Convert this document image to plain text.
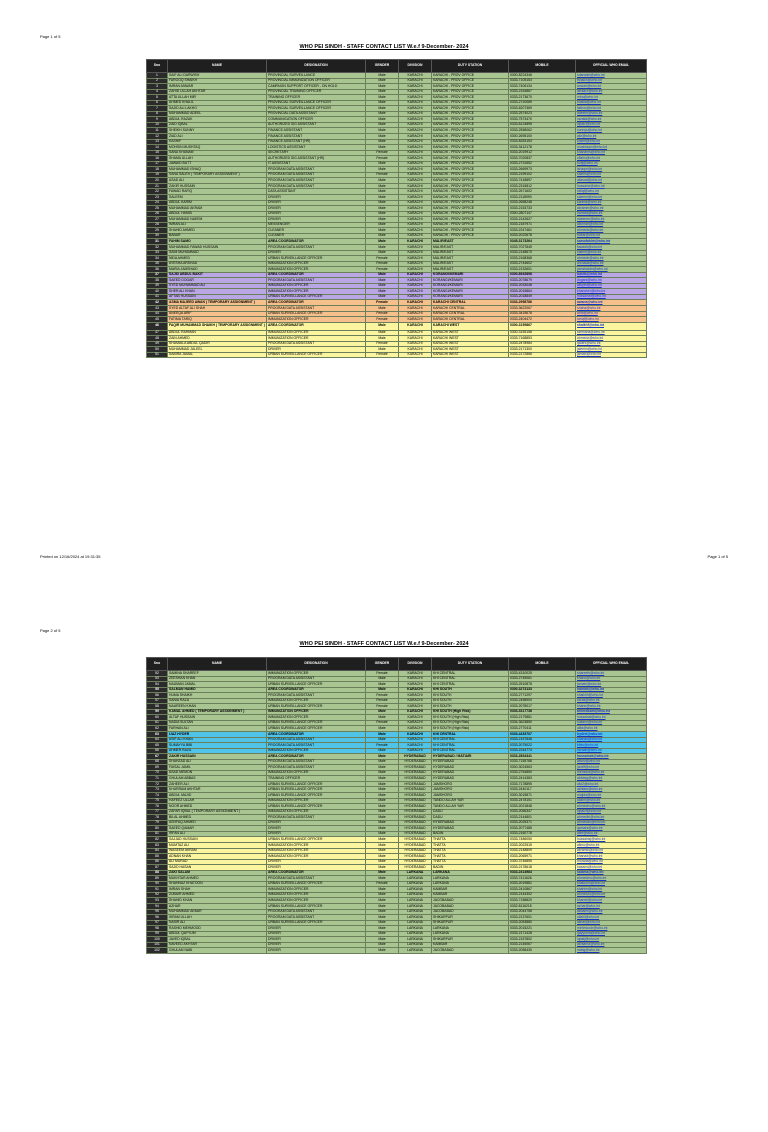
Page 1 of 5
WHO PEI SINDH - STAFF CONTACT LIST W.e.f 9-December- 2024
Sno	NAME	DESIGNATION	GENDER	DIVISION	DUTY STATION	MOBILE	OFFICIAL WHO EMAIL
1	SAIF ALI DARWISH	PROVINCIAL SURVEILLANCE	Male	KARACHI	KARACHI - PROV OFFICE	0300-8224346	sdarwish@who.int
2	FAROOQ SHAIKH	PROVINCIAL IMMUNIZATION OFFICER	Male	KARACHI	KARACHI - PROV OFFICE	0333-7105153	fshaikh@who.int
3	IMRAN ANWAR	CAMPAIGN SUPPORT OFFICER - ON HOLD	Male	KARACHI	KARACHI - PROV OFFICE	0333-7406134	anwari@who.int
4	ZAHID ULLAH AKHTAR	PROVINCIAL TRAINING OFFICER	Male	KARACHI	KARACHI - PROV OFFICE	0333-2154867	akhtarz@who.int
5	ATTA ULLAH MIR	TRAINING OFFICER	Male	KARACHI	KARACHI - PROV OFFICE	0333-2173670	mira@who.int
6	AHMED KHALIL	PROVINCIAL SURVEILLANCE OFFICER	Male	KARACHI	KARACHI - PROV OFFICE	0333-2720089	khalila@who.int
7	SAJID ALI LAKHO	PROVINCIAL SURVEILLANCE OFFICER	Male	KARACHI	KARACHI - PROV OFFICE	0333-6207369	lakhos@who.int
8	MUHAMMAD ADEEL	PROVINCIAL DATA ASSISTANT	Male	KARACHI	KARACHI - PROV OFFICE	0333-2574023	adeelm@who.int
9	ABDUL RAZAK	COMMUNICATION OFFICER	Male	KARACHI	KARACHI - PROV OFFICE	0333-7573470	razaka@who.int
10	ZAID IQBAL	AUTHORIZED SIG ASSISTANT	Male	KARACHI	KARACHI - PROV OFFICE	0333-8124895	iqbalz@who.int
11	SHEIKH SUNNY	FINANCE ASSISTANT	Male	KARACHI	KARACHI - PROV OFFICE	0333-2558062	sunnys@who.int
12	ZIAD ALI	FINANCE ASSISTANT	Male	KARACHI	KARACHI - PROV OFFICE	0300-2695100	aliz@who.int
13	KASHIF	FINANCE ASSISTANT (HR)	Male	KARACHI	KARACHI - PROV OFFICE	0333-8283153	kashif@who.int
14	MOHSIN MUSHTAQ	LOGISTICS ASSISTANT	Male	KARACHI	KARACHI - PROV OFFICE	0333-3412178	mushtaqm@who.int
15	SANA KHANAM	SECRETARY	Female	KARACHI	KARACHI - PROV OFFICE	0333-2019912	khanams@who.int
16	SHAMA ULLAH	AUTHORIZED SIG ASSISTANT (HR)	Female	KARACHI	KARACHI - PROV OFFICE	0333-7020837	ullahs@who.int
17	JAWAID BUTT	IT ASSISTANT	Male	KARACHI	KARACHI - PROV OFFICE	0333-2731552	buttj@who.int
18	MUHAMMAD ISHAQ	PROGRAM DATA ASSISTANT	Male	KARACHI	KARACHI - PROV OFFICE	0333-2669973	ishaqm@who.int
19	SANA SALEH ( TEMPORARY ASSIGNMENT )	PROGRAM DATA ASSISTANT	Female	KARACHI	KARACHI - PROV OFFICE	0333-2199102	salehs@who.int
20	ASAD ALI	PROGRAM DATA ASSISTANT	Male	KARACHI	KARACHI - PROV OFFICE	0333-7418897	aliasad@who.int
21	ZAKIR HUSSAIN	PROGRAM DATA ASSISTANT	Male	KARACHI	KARACHI - PROV OFFICE	0333-2315812	hussainz@who.int
22	FAWAD RAFIQ	DATA ASSISTANT	Male	KARACHI	KARACHI - PROV OFFICE	0333-2671602	rafiqf@who.int
23	SALEEM	DRIVER	Male	KARACHI	KARACHI - PROV OFFICE	0333-2118990	saleem@who.int
24	ABDUL KARIM	DRIVER	Male	KARACHI	KARACHI - PROV OFFICE	0333-2658248	karima@who.int
25	MUHAMMAD AKRAM	DRIVER	Male	KARACHI	KARACHI - PROV OFFICE	0333-2153733	akramm@who.int
26	ABDUL HAMID	DRIVER	Male	KARACHI	KARACHI - PROV OFFICE	0300-2807147	hamida@who.int
27	MUHAMMAD NAEEM	DRIVER	Male	KARACHI	KARACHI - PROV OFFICE	0333-2142627	naeemm@who.int
28	IMRAN ALI	MESSENGER	Male	KARACHI	KARACHI - PROV OFFICE	0333-2187971	aliimran@who.int
29	SHAHID AHMED	CLEANER	Male	KARACHI	KARACHI - PROV OFFICE	0333-2247461	ahmeds@who.int
30	BABAR	CLEANER	Male	KARACHI	KARACHI - PROV OFFICE	0333-2022678	babar@who.int
31	FAHIM SAMO	AREA COORDINATOR	Male	KARACHI	MALIR/EAST	0345-3173264	samofahim@who.int
32	MUHAMMAD FAWAD HUSSAIN	PROGRAM DATA ASSISTANT	Male	KARACHI	MALIR/EAST	0333-7027845	fawadh@who.int
33	SAIM MUHAMMAD	DRIVER	Male	KARACHI	MALIR/EAST	0333-2148670	saimm@who.int
34	NIDA AHMED	URBAN SURVEILLANCE OFFICER	Female	KARACHI	MALIR/EAST	0333-2168368	ahmedn@who.int
35	AYESHA ARSHAD	IMMUNIZATION OFFICER	Female	KARACHI	MALIR/EAST	0333-2744602	arshada@who.int
36	MARIA JAMSHAID	IMMUNIZATION OFFICER	Female	KARACHI	MALIR/EAST	0333-2132601	jamshaidm@who.int
37	SAJID ABDUL BAKIT	AREA COORDINATOR	Male	KARACHI	KORANGI/KEMARI	0300-8932898	bakits@who.int
38	SAEED DOGAR	PROGRAM DATA ASSISTANT	Male	KARACHI	KORANGI/KEMARI	0333-2078679	dogars@who.int
39	SYED MUHAMMAD ALI	IMMUNIZATION OFFICER	Male	KARACHI	KORANGI/KEMARI	0333-2033048	alisyed@who.int
40	SHER ALI KHAN	IMMUNIZATION OFFICER	Male	KARACHI	KORANGI/KEMARI	0333-2015864	khansher@who.int
41	AFTAB HUSSAIN	URBAN SURVEILLANCE OFFICER	Male	KARACHI	KORANGI/KEMARI	0333-2018849	hussainaf@who.int
42	ASMA MAJEED AWAN ( TEMPORARY ASSIGNMENT )	AREA COORDINATOR	Female	KARACHI	KARACHI CENTRAL	0333-2998786	awana@who.int
43	SYED ALTAF ALI SHAH	PROGRAM DATA ASSISTANT	Male	KARACHI	KARACHI CENTRAL	0333-3622067	shaha@who.int
44	ANEEQA ARIF	URBAN SURVEILLANCE OFFICER	Female	KARACHI	KARACHI CENTRAL	0333-3415678	arifa@who.int
45	FATIMA TARIQ	IMMUNIZATION OFFICER	Female	KARACHI	KARACHI CENTRAL	0333-2404472	tariqf@who.int
46	FAQIR MUHAMMAD SHAIKH ( TEMPORARY ASSIGNMENT )	AREA COORDINATOR	Male	KARACHI	KARACHI WEST	0300-3159867	shaikhf@who.int
47	ABDUL RAHMAN	IMMUNIZATION OFFICER	Male	KARACHI	KARACHI WEST	0300-3155158	rahmana@who.int
48	ZAIN AHMED	IMMUNIZATION OFFICER	Male	KARACHI	KARACHI WEST	0333-7168853	ahmedz@who.int
49	SHUMAILA ABDUL QADIR	PROGRAM DATA ASSISTANT	Female	KARACHI	KARACHI WEST	0333-2478984	qadirs@who.int
50	MUHAMMAD JALEEL	DRIVER	Male	KARACHI	KARACHI WEST	0333-2171300	jaleelm@who.int
51	SABIRA JAMAL	URBAN SURVEILLANCE OFFICER	Female	KARACHI	KARACHI WEST	0333-2172866	jamals@who.int
Printed on 12/16/2024 at 19:31:35	Page 1 of 5
Page 2 of 5
WHO PEI SINDH - STAFF CONTACT LIST W.e.f 9-December- 2024
Sno	NAME	DESIGNATION	GENDER	DIVISION	DUTY STATION	MOBILE	OFFICIAL WHO EMAIL
52	SAMINA SHAREEF	IMMUNIZATION OFFICER	Female	KARACHI	KHI CENTRAL	0333-4310025	shareefs@who.int
53	ZEESHAN KHAN	PROGRAM DATA ASSISTANT	Male	KARACHI	KHI CENTRAL	0333-2745061	khanz@who.int
54	NAUMAN JAMAL	URBAN SURVEILLANCE OFFICER	Male	KARACHI	KHI CENTRAL	0333-2510878	jamaln@who.int
55	SALMAN HAMID	AREA COORDINATOR	Male	KARACHI	KHI SOUTH	0300-3273133	hamids@who.int
56	HUMA SHAIKH	PROGRAM DATA ASSISTANT	Female	KARACHI	KHI SOUTH	0333-2771297	shaikhh@who.int
57	SANIA RAZA	IMMUNIZATION OFFICER	Female	KARACHI	KHI SOUTH	0333-2458900	razas@who.int
58	NAUREEN KHAN	URBAN SURVEILLANCE OFFICER	Female	KARACHI	KHI SOUTH	0333-2078017	khann@who.int
59	KAMAL AHMED ( TEMPORARY ASSIGNMENT )	IMMUNIZATION OFFICER	Male	KARACHI	KHI SOUTH (High Risk)	0333-3317738	ahmedkam@who.int
60	ALTAF HUSSAIN	IMMUNIZATION OFFICER	Male	KARACHI	KHI SOUTH (High Risk)	0333-2179881	hussainal@who.int
61	NADIA SULTAN	URBAN SURVEILLANCE OFFICER	Female	KARACHI	KHI SOUTH (High Risk)	0334-3623850	sultann@who.int
62	FARHAN ALI	URBAN SURVEILLANCE OFFICER	Male	KARACHI	KHI SOUTH (High Risk)	0333-2770411	alifa@who.int
63	IJAZ HYDER	AREA COORDINATOR	Male	KARACHI	KHI CENTRAL	0333-4433707	hyderi@who.int
64	ASIF ALI KHAN	PROGRAM DATA ASSISTANT	Male	KARACHI	KHI CENTRAL	0333-2157848	khanas@who.int
65	SUMAYYA BIBI	PROGRAM DATA ASSISTANT	Female	KARACHI	KHI CENTRAL	0333-2075022	bibis@who.int
66	AHMER RAZA	IMMUNIZATION OFFICER	Male	KARACHI	KHI CENTRAL	0333-2244774	razaah@who.int
67	ZAKIR HUSSAIN	AREA COORDINATOR	Male	HYDERABAD	HYDERABAD / MATIARI	0333-2834341	hussainzk@who.int
68	SHAHZAD ALI	PROGRAM DATA ASSISTANT	Male	HYDERABAD	HYDERABAD	0333-7155788	alishz@who.int
69	FAISAL JAMIL	PROGRAM DATA ASSISTANT	Male	HYDERABAD	HYDERABAD	0300-3024563	jamilf@who.int
70	ASAD MEMON	IMMUNIZATION OFFICER	Male	HYDERABAD	HYDERABAD	0333-2754850	memona@who.int
71	GHULAM ABBAS	TRAINING OFFICER	Male	HYDERABAD	HYDERABAD	0333-2414383	abbasg@who.int
72	ZAHEER ALI	URBAN SURVEILLANCE OFFICER	Male	HYDERABAD	JAMSHORO	0333-7178895	aliz2@who.int
73	KHURRAM AKHTAR	URBAN SURVEILLANCE OFFICER	Male	HYDERABAD	JAMSHORO	0333-2440117	akhtark@who.int
74	ABDUL MAJID	URBAN SURVEILLANCE OFFICER	Male	HYDERABAD	JAMSHORO	0300-3015871	majida@who.int
75	HAFEEZ ULLAH	IMMUNIZATION OFFICER	Male	HYDERABAD	TANDO ALLAH YAR	0333-2478101	ullahh@who.int
76	NOOR AHMED	URBAN SURVEILLANCE OFFICER	Male	HYDERABAD	TANDO ALLAH YAR	0333-2021848	ahmedno@who.int
77	ZAFAR IQBAL ( TEMPORARY ASSIGNMENT )	IMMUNIZATION OFFICER	Male	HYDERABAD	DADU	0333-2056347	iqbalzf@who.int
78	BILAL AHMED	PROGRAM DATA ASSISTANT	Male	HYDERABAD	DADU	0333-2144801	ahmedbi@who.int
79	ASHFAQ AHMED	DRIVER	Male	HYDERABAD	HYDERABAD	0333-2025371	ahmedas@who.int
80	SAEED QAMAR	DRIVER	Male	HYDERABAD	HYDERABAD	0333-2077485	qamars@who.int
81	IRFAN ALI	DRIVER	Male	HYDERABAD	BADIN	0333-2160778	aliirf@who.int
82	SAJJAD HUSSAIN	URBAN SURVEILLANCE OFFICER	Male	HYDERABAD	THATTA	0333-7486050	hussainsj@who.int
83	MUMTAZ ALI	IMMUNIZATION OFFICER	Male	HYDERABAD	THATTA	0333-2022515	alimu@who.int
84	WASEEM AKRAM	IMMUNIZATION OFFICER	Male	HYDERABAD	THATTA	0333-2148809	akramw@who.int
85	ADNAN KHAN	IMMUNIZATION OFFICER	Male	HYDERABAD	THATTA	0333-2065971	khanad@who.int
86	ALI MURAD	DRIVER	Male	HYDERABAD	THATTA	0300-3746855	murada@who.int
87	SAJID HASAN	DRIVER	Male	HYDERABAD	BADIN	0333-2178618	hasans@who.int
88	ZAKI SALAM	AREA COORDINATOR	Male	LARKANA	LARKANA	0333-2414984	salamz@who.int
89	MUKHTAR AHMED	PROGRAM DATA ASSISTANT	Male	LARKANA	LARKANA	0333-7411626	ahmedmu@who.int
90	SHAHNAZ KHATOON	URBAN SURVEILLANCE OFFICER	Female	LARKANA	LARKANA	0333-2019881	khatoons@who.int
91	IMRAN SHAH	IMMUNIZATION OFFICER	Male	LARKANA	KAMBAR	0333-2410867	shahim@who.int
92	ZUBAIR AHMED	IMMUNIZATION OFFICER	Male	LARKANA	KAMBAR	0333-2144302	ahmedzu@who.int
93	SHAHID KHAN	IMMUNIZATION OFFICER	Male	LARKANA	JACOBABAD	0333-7158820	khansh@who.int
94	AZHAR	URBAN SURVEILLANCE OFFICER	Male	LARKANA	JACOBABAD	0332-8116215	azhar@who.int
95	MUHAMMAD AKBAR	PROGRAM DATA ASSISTANT	Male	LARKANA	JACOBABAD	0333-2044758	akbarm@who.int
96	IKRAM ULLAH	PROGRAM DATA ASSISTANT	Male	LARKANA	SHIKARPUR	0333-2137601	ullahi@who.int
97	NASIR ALI	URBAN SURVEILLANCE OFFICER	Male	LARKANA	SHIKARPUR	0333-2053880	alinas@who.int
98	RASHID MEHMOOD	DRIVER	Male	LARKANA	LARKANA	0333-2015221	mehmoodr@who.int
99	ABDUL QAYYUM	DRIVER	Male	LARKANA	LARKANA	0333-2171428	qayyuma@who.int
100	JAVED IQBAL	DRIVER	Male	LARKANA	SHIKARPUR	0333-2157802	iqbalj@who.int
101	NAVEED AKHTAR	DRIVER	Male	LARKANA	KAMBAR	0333-2145067	akhtarna@who.int
102	GHULAM NABI	DRIVER	Male	LARKANA	JACOBABAD	0333-2058430	nabig@who.int
